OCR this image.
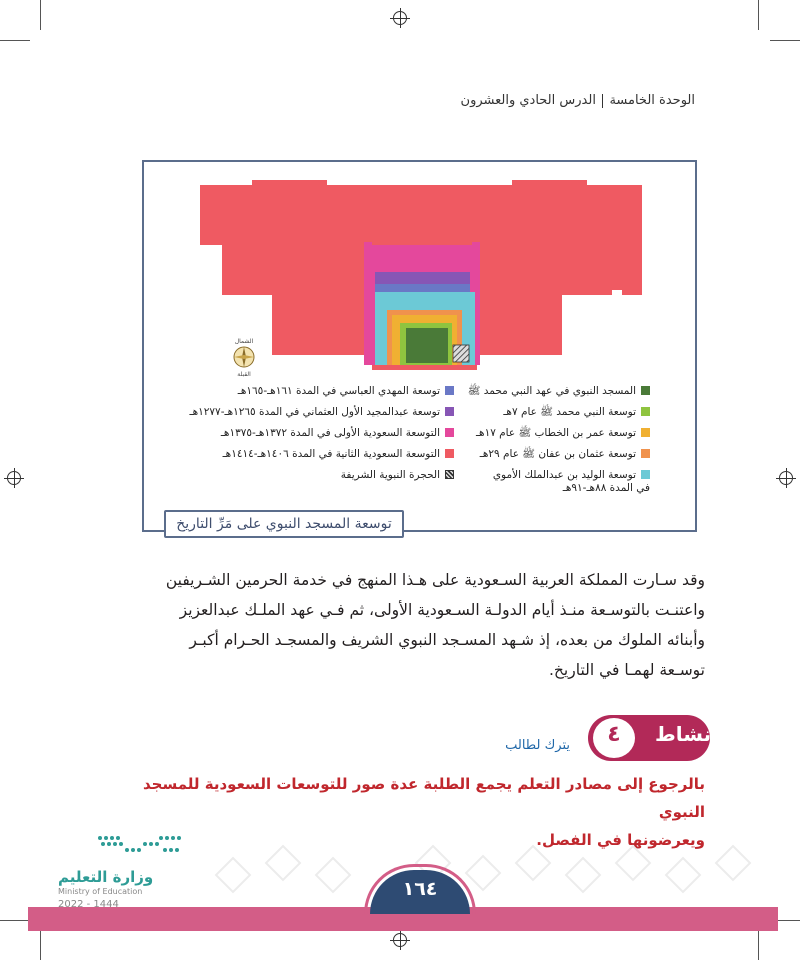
الوحدة الخامسةالدرس الحادي والعشرون
الشمال
القبلة
المسجد النبوي في عهد النبي محمد ﷺ
توسعة النبي محمد ﷺ عام ٧هـ
توسعة عمر بن الخطاب ﷺ عام ١٧هـ
توسعة عثمان بن عفان ﷺ عام ٢٩هـ
توسعة الوليد بن عبدالملك الأموي في المدة ٨٨هـ-٩١هـ
توسعة المهدي العباسي في المدة ١٦١هـ-١٦٥هـ
توسعة عبدالمجيد الأول العثماني في المدة ١٢٦٥هـ-١٢٧٧هـ
التوسعة السعودية الأولى في المدة ١٣٧٢هـ-١٣٧٥هـ
التوسعة السعودية الثانية في المدة ١٤٠٦هـ-١٤١٤هـ
الحجرة النبوية الشريفة
توسعة المسجد النبوي على مَرِّ التاريخ

وقد سـارت المملكة العربية السـعودية على هـذا المنهج في خدمة الحرمين الشـريفين

واعتنـت بالتوسـعة منـذ أيام الدولـة السـعودية الأولى، ثم فـي عهد الملـك عبدالعزيز

وأبنائه الملوك من بعده، إذ شـهد المسـجد النبوي الشريف والمسجـد الحـرام أكبـر

توسـعة لهمـا في التاريخ.

نشاط
٤
يترك لطالب
بالرجوع إلى مصادر التعلم يجمع الطلبة عدة صور للتوسعات السعودية للمسجد النبوي
ويعرضونها في الفصل.
١٦٤
وزارة التعليم
Ministry of Education
2022 - 1444
